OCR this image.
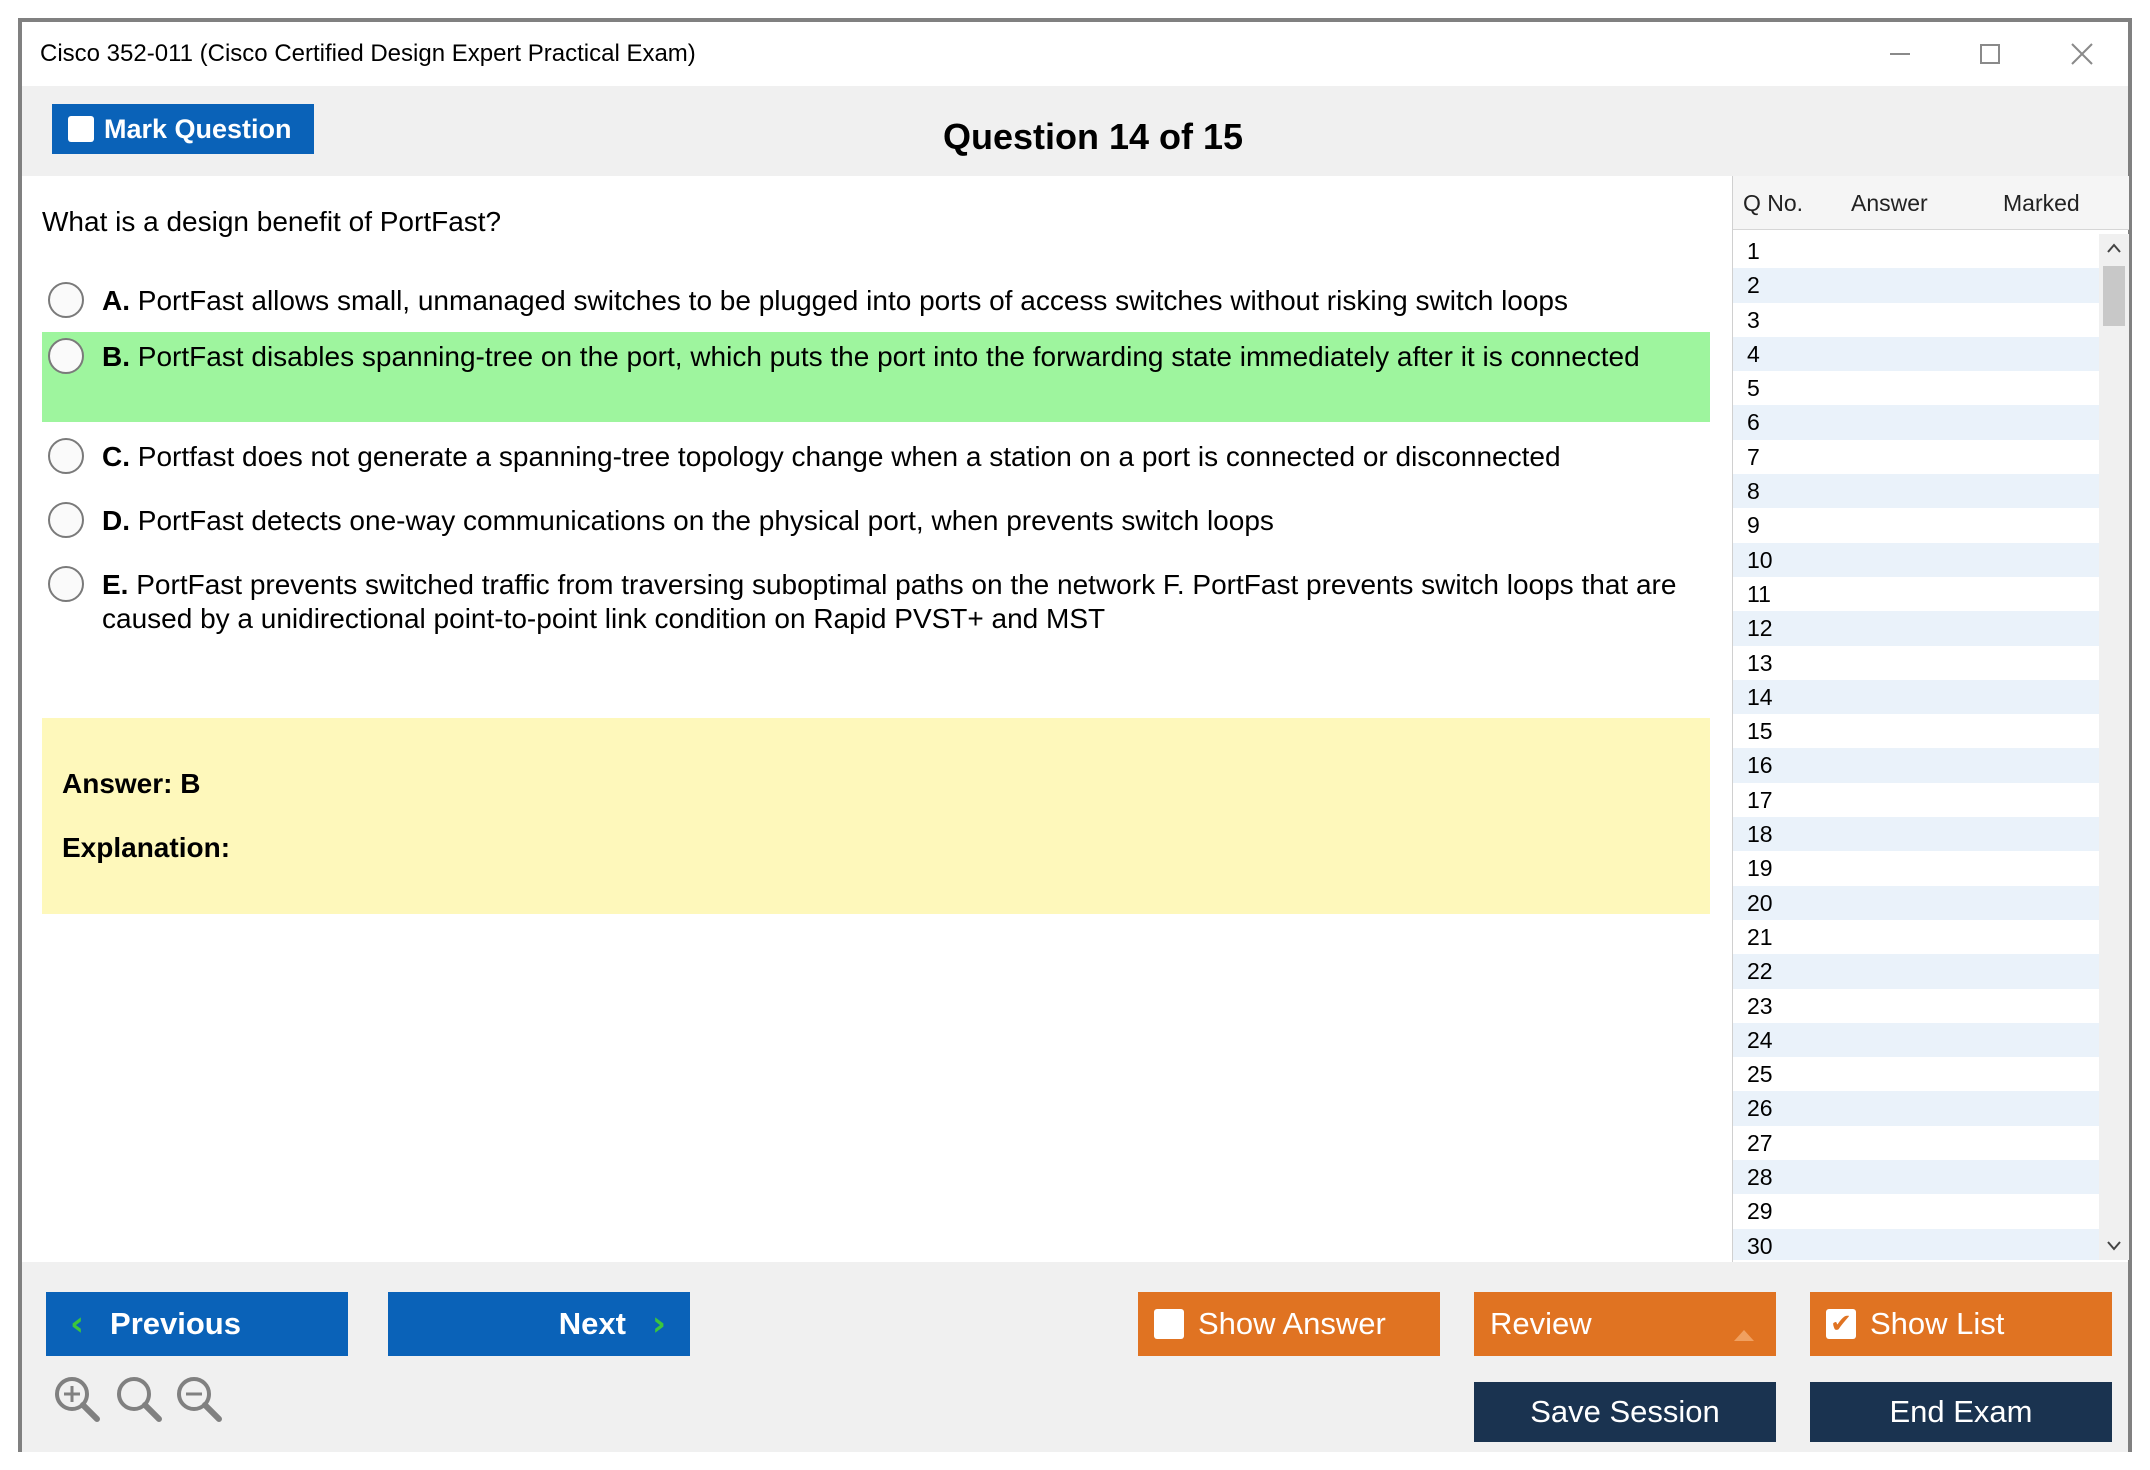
Cisco 352-011 (Cisco Certified Design Expert Practical Exam)
Mark Question	Question 14 of 15
What is a design benefit of PortFast?
A. PortFast allows small, unmanaged switches to be plugged into ports of access switches without risking switch loops
B. PortFast disables spanning-tree on the port, which puts the port into the forwarding state immediately after it is connected
C. Portfast does not generate a spanning-tree topology change when a station on a port is connected or disconnected
D. PortFast detects one-way communications on the physical port, when prevents switch loops
E. PortFast prevents switched traffic from traversing suboptimal paths on the network F. PortFast prevents switch loops that are caused by a unidirectional point-to-point link condition on Rapid PVST+ and MST
Answer: B
Explanation:
Q No. Answer	Marked
1
2
3
4
5
6
7
8
9
10
11
12
13
14
15
16
17
18
19
20
21
22
23
24
25
26
27
28
29
30
‹ Previous	Next ›	Show Answer	Review	✔ Show List
Save Session	End Exam
